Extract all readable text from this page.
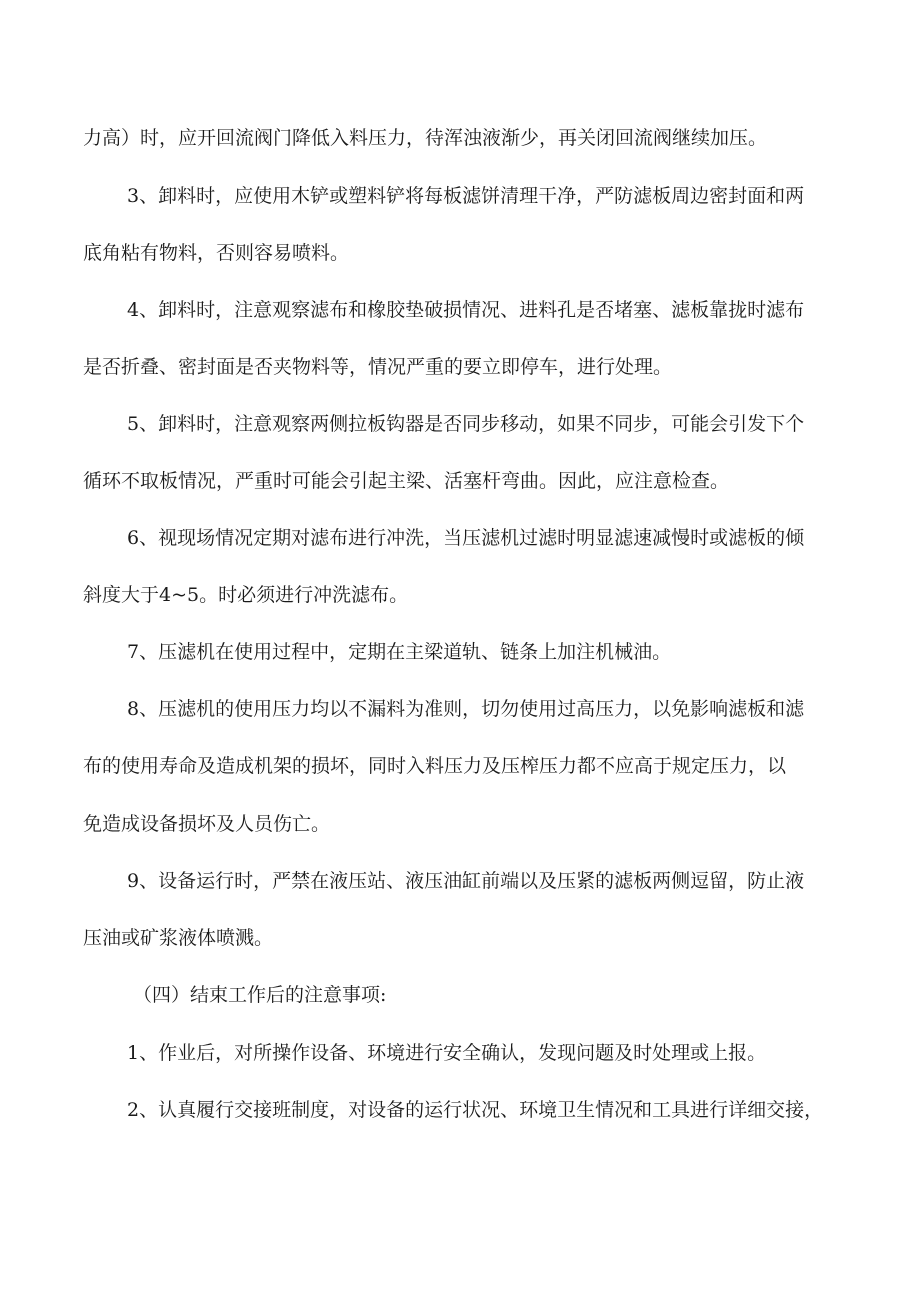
力高）时，应开回流阀门降低入料压力，待浑浊液渐少，再关闭回流阀继续加压。
3、卸料时，应使用木铲或塑料铲将每板滤饼清理干净，严防滤板周边密封面和两
底角粘有物料，否则容易喷料。
4、卸料时，注意观察滤布和橡胶垫破损情况、进料孔是否堵塞、滤板靠拢时滤布
是否折叠、密封面是否夹物料等，情况严重的要立即停车，进行处理。
5、卸料时，注意观察两侧拉板钩器是否同步移动，如果不同步，可能会引发下个
循环不取板情况，严重时可能会引起主梁、活塞杆弯曲。因此，应注意检查。
6、视现场情况定期对滤布进行冲洗，当压滤机过滤时明显滤速减慢时或滤板的倾
斜度大于4~5。时必须进行冲洗滤布。
7、压滤机在使用过程中，定期在主梁道轨、链条上加注机械油。
8、压滤机的使用压力均以不漏料为准则，切勿使用过高压力，以免影响滤板和滤
布的使用寿命及造成机架的损坏，同时入料压力及压榨压力都不应高于规定压力，以
免造成设备损坏及人员伤亡。
9、设备运行时，严禁在液压站、液压油缸前端以及压紧的滤板两侧逗留，防止液
压油或矿浆液体喷溅。
（四）结束工作后的注意事项:
1、作业后，对所操作设备、环境进行安全确认，发现问题及时处理或上报。
2、认真履行交接班制度，对设备的运行状况、环境卫生情况和工具进行详细交接，
